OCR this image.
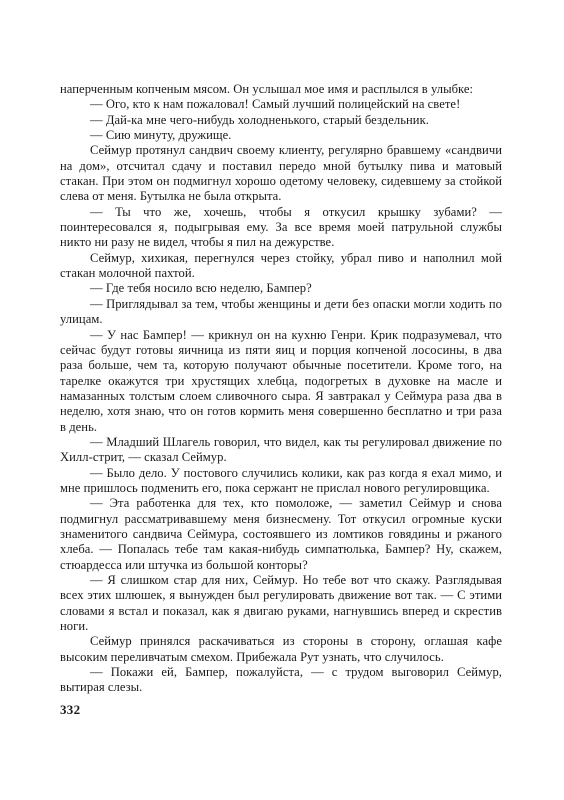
наперченным копченым мясом. Он услышал мое имя и расплылся в улыбке:

— Ого, кто к нам пожаловал! Самый лучший полицейский на свете!

— Дай-ка мне чего-нибудь холодненького, старый бездельник.

— Сию минуту, дружище.

Сеймур протянул сандвич своему клиенту, регулярно бравшему «сандвичи на дом», отсчитал сдачу и поставил передо мной бутылку пива и матовый стакан. При этом он подмигнул хорошо одетому человеку, сидевшему за стойкой слева от меня. Бутылка не была открыта.

— Ты что же, хочешь, чтобы я откусил крышку зубами? — поинтересовался я, подыгрывая ему. За все время моей патрульной службы никто ни разу не видел, чтобы я пил на дежурстве.

Сеймур, хихикая, перегнулся через стойку, убрал пиво и наполнил мой стакан молочной пахтой.

— Где тебя носило всю неделю, Бампер?

— Приглядывал за тем, чтобы женщины и дети без опаски могли ходить по улицам.

— У нас Бампер! — крикнул он на кухню Генри. Крик подразумевал, что сейчас будут готовы яичница из пяти яиц и порция копченой лососины, в два раза больше, чем та, которую получают обычные посетители. Кроме того, на тарелке окажутся три хрустящих хлебца, подогретых в духовке на масле и намазанных толстым слоем сливочного сыра. Я завтракал у Сеймура раза два в неделю, хотя знаю, что он готов кормить меня совершенно бесплатно и три раза в день.

— Младший Шлагель говорил, что видел, как ты регулировал движение по Хилл-стрит, — сказал Сеймур.

— Было дело. У постового случились колики, как раз когда я ехал мимо, и мне пришлось подменить его, пока сержант не прислал нового регулировщика.

— Эта работенка для тех, кто помоложе, — заметил Сеймур и снова подмигнул рассматривавшему меня бизнесмену. Тот откусил огромные куски знаменитого сандвича Сеймура, состоявшего из ломтиков говядины и ржаного хлеба. — Попалась тебе там какая-нибудь симпатюлька, Бампер? Ну, скажем, стюардесса или штучка из большой конторы?

— Я слишком стар для них, Сеймур. Но тебе вот что скажу. Разглядывая всех этих шлюшек, я вынужден был регулировать движение вот так. — С этими словами я встал и показал, как я двигаю руками, нагнувшись вперед и скрестив ноги.

Сеймур принялся раскачиваться из стороны в сторону, оглашая кафе высоким переливчатым смехом. Прибежала Рут узнать, что случилось.

— Покажи ей, Бампер, пожалуйста, — с трудом выговорил Сеймур, вытирая слезы.

332
